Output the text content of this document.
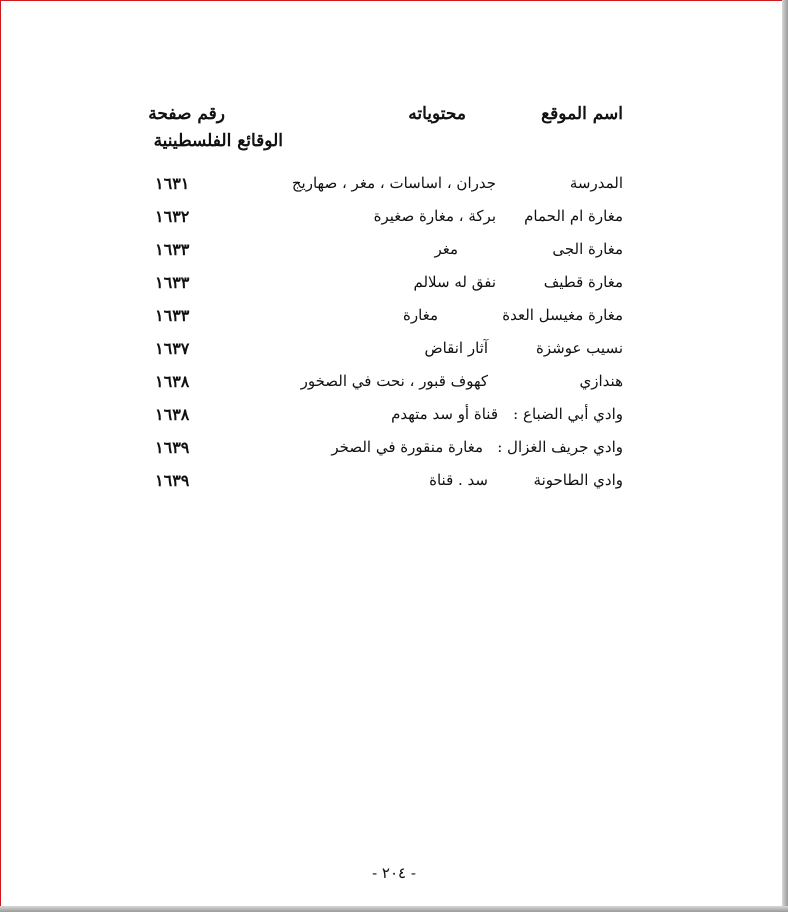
اسم الموقع
محتوياته
رقم صفحة
الوقائع الفلسطينية
المدرسة
جدران ، اساسات ، مغر ، صهاريج
١٦٣١
مغارة ام الحمام
بركة ، مغارة صغيرة
١٦٣٢
مغارة الجى
مغر
١٦٣٣
مغارة قطيف
نفق له سلالم
١٦٣٣
مغارة مغيسل العدة
مغارة
١٦٣٣
نسيب عوشزة
آثار انقاض
١٦٣٧
هندازي
كهوف قبور ، نحت في الصخور
١٦٣٨
وادي أبي الضباع :
قناة أو سد متهدم
١٦٣٨
وادي جريف الغزال :
مغارة منقورة في الصخر
١٦٣٩
وادي الطاحونة
سد . قناة
١٦٣٩
- ٢٠٤ -
